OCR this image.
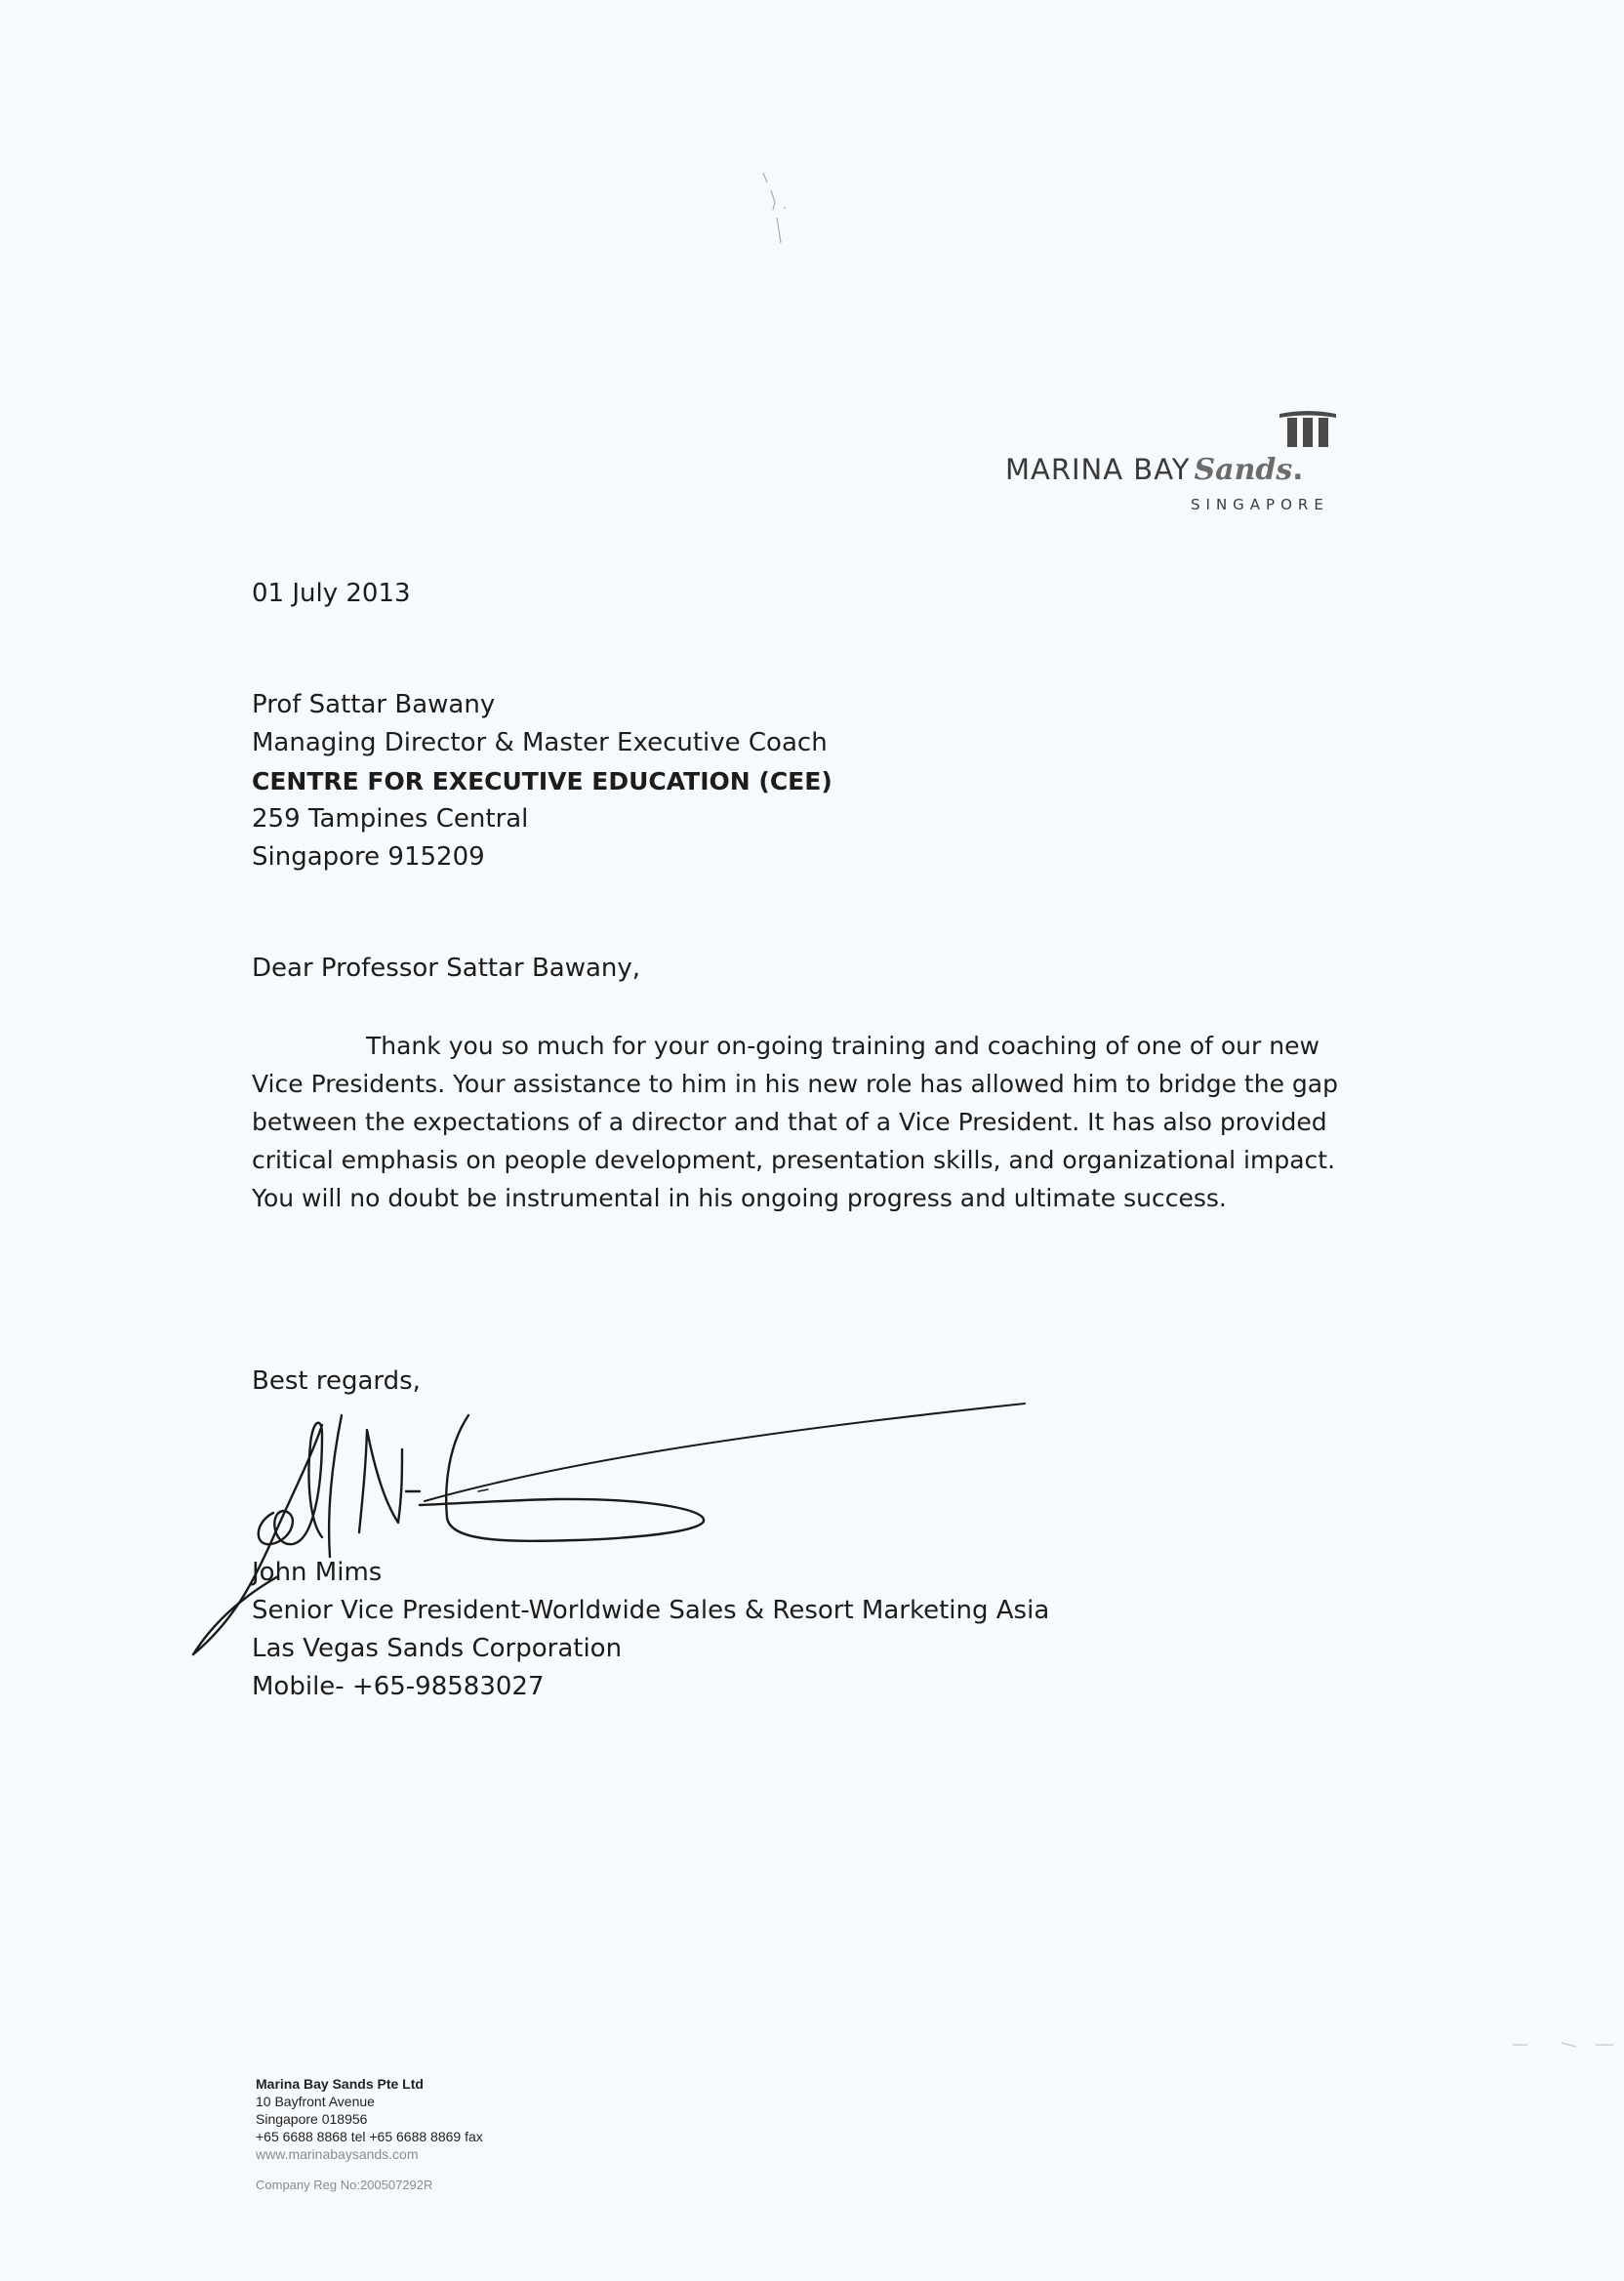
MARINA BAY Sands.
SINGAPORE
01 July 2013
Prof Sattar Bawany
Managing Director & Master Executive Coach
CENTRE FOR EXECUTIVE EDUCATION (CEE)
259 Tampines Central
Singapore 915209
Dear Professor Sattar Bawany,
Thank you so much for your on-going training and coaching of one of our new
Vice Presidents. Your assistance to him in his new role has allowed him to bridge the gap
between the expectations of a director and that of a Vice President. It has also provided
critical emphasis on people development, presentation skills, and organizational impact.
You will no doubt be instrumental in his ongoing progress and ultimate success.
Best regards,
John Mims
Senior Vice President-Worldwide Sales & Resort Marketing Asia
Las Vegas Sands Corporation
Mobile- +65-98583027
Marina Bay Sands Pte Ltd
10 Bayfront Avenue
Singapore 018956
+65 6688 8868 tel +65 6688 8869 fax
www.marinabaysands.com
Company Reg No:200507292R
